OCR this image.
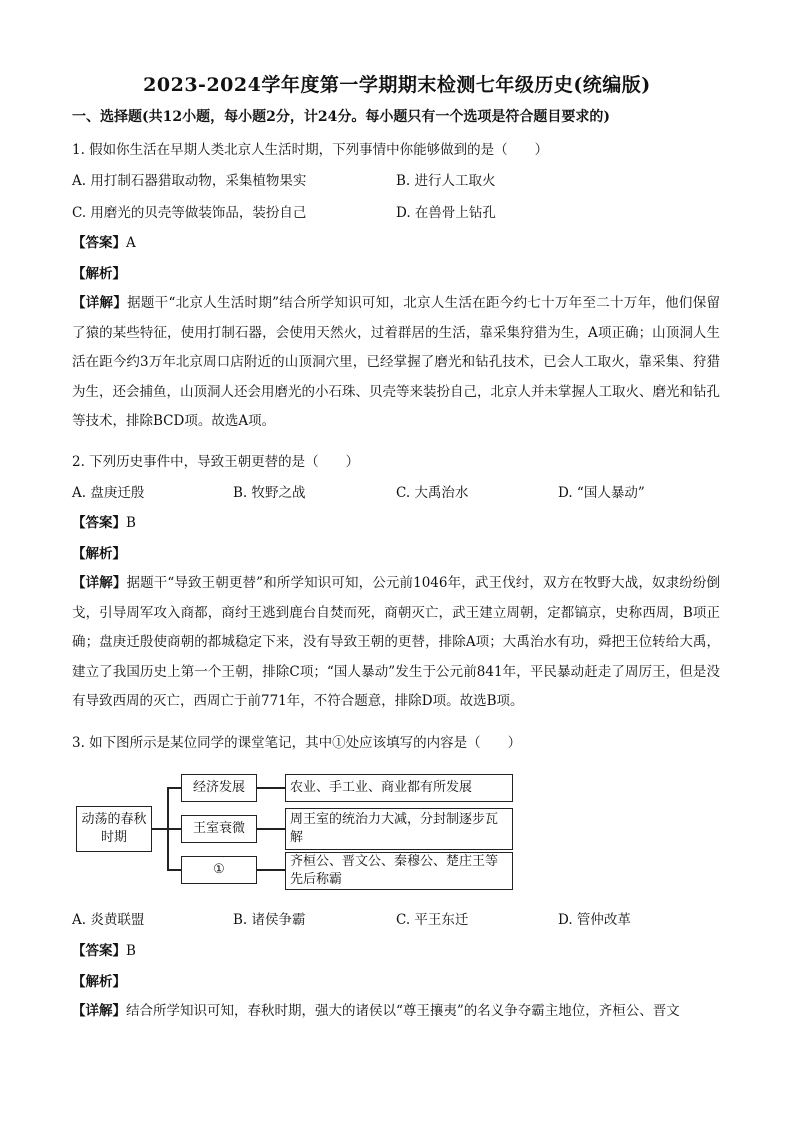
2023-2024学年度第一学期期末检测七年级历史(统编版)
一、选择题(共12小题，每小题2分，计24分。每小题只有一个选项是符合题目要求的)
1. 假如你生活在早期人类北京人生活时期，下列事情中你能够做到的是（　　）
A. 用打制石器猎取动物，采集植物果实	B. 进行人工取火
C. 用磨光的贝壳等做装饰品，装扮自己	D. 在兽骨上钻孔
【答案】A
【解析】
【详解】据题干“北京人生活时期”结合所学知识可知，北京人生活在距今约七十万年至二十万年，他们保留了猿的某些特征，使用打制石器，会使用天然火，过着群居的生活，靠采集狩猎为生，A项正确；山顶洞人生活在距今约3万年北京周口店附近的山顶洞穴里，已经掌握了磨光和钻孔技术，已会人工取火，靠采集、狩猎为生，还会捕鱼，山顶洞人还会用磨光的小石珠、贝壳等来装扮自己，北京人并未掌握人工取火、磨光和钻孔等技术，排除BCD项。故选A项。
2. 下列历史事件中，导致王朝更替的是（　　）
A. 盘庚迁殷	B. 牧野之战	C. 大禹治水	D. “国人暴动”
【答案】B
【解析】
【详解】据题干“导致王朝更替”和所学知识可知，公元前1046年，武王伐纣，双方在牧野大战，奴隶纷纷倒戈，引导周军攻入商都，商纣王逃到鹿台自焚而死，商朝灭亡，武王建立周朝，定都镐京，史称西周，B项正确；盘庚迁殷使商朝的都城稳定下来，没有导致王朝的更替，排除A项；大禹治水有功，舜把王位转给大禹，建立了我国历史上第一个王朝，排除C项；“国人暴动”发生于公元前841年，平民暴动赶走了周厉王，但是没有导致西周的灭亡，西周亡于前771年，不符合题意，排除D项。故选B项。
3. 如下图所示是某位同学的课堂笔记，其中①处应该填写的内容是（　　）
动荡的春秋时期
经济发展
王室衰微
①
农业、手工业、商业都有所发展
周王室的统治力大减，分封制逐步瓦解
齐桓公、晋文公、秦穆公、楚庄王等先后称霸
A. 炎黄联盟	B. 诸侯争霸	C. 平王东迁	D. 管仲改革
【答案】B
【解析】
【详解】结合所学知识可知，春秋时期，强大的诸侯以“尊王攘夷”的名义争夺霸主地位，齐桓公、晋文
